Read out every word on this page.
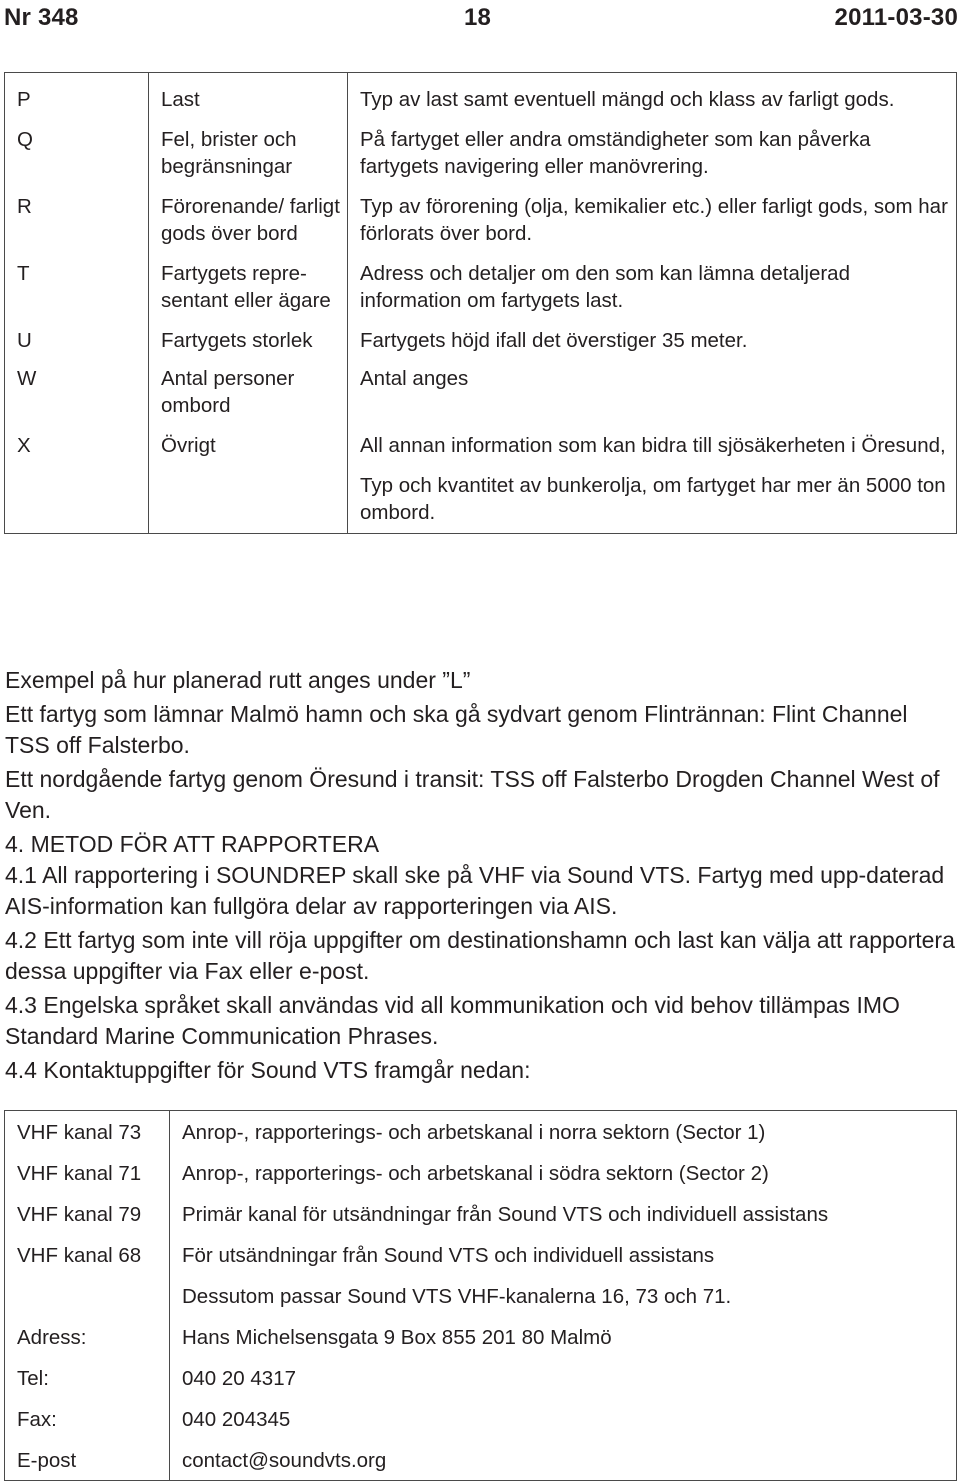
Nr 348	18	2011-03-30
P	Last	Typ av last samt eventuell mängd och klass av farligt gods.
Q	Fel, brister och begränsningar	På fartyget eller andra omständigheter som kan påverka fartygets navigering eller manövrering.
R	Förorenande/ farligt gods över bord	Typ av förorening (olja, kemikalier etc.) eller farligt gods, som har förlorats över bord.
T	Fartygets repre-sentant eller ägare	Adress och detaljer om den som kan lämna detaljerad information om fartygets last.
U	Fartygets storlek	Fartygets höjd ifall det överstiger 35 meter.
W	Antal personer ombord	Antal anges
X	Övrigt	All annan information som kan bidra till sjösäkerheten i Öresund,
		Typ och kvantitet av bunkerolja, om fartyget har mer än 5000 ton ombord.

Exempel på hur planerad rutt anges under ”L”

Ett fartyg som lämnar Malmö hamn och ska gå sydvart genom Flintrännan: Flint Channel TSS off Falsterbo.

Ett nordgående fartyg genom Öresund i transit: TSS off Falsterbo Drogden Channel West of Ven.

4. METOD FÖR ATT RAPPORTERA

4.1 All rapportering i SOUNDREP skall ske på VHF via Sound VTS. Fartyg med upp-daterad AIS-information kan fullgöra delar av rapporteringen via AIS.

4.2 Ett fartyg som inte vill röja uppgifter om destinationshamn och last kan välja att rapportera dessa uppgifter via Fax eller e-post.

4.3 Engelska språket skall användas vid all kommunikation och vid behov tillämpas IMO Standard Marine Communication Phrases.

4.4 Kontaktuppgifter för Sound VTS framgår nedan:

VHF kanal 73	Anrop-, rapporterings- och arbetskanal i norra sektorn (Sector 1)
VHF kanal 71	Anrop-, rapporterings- och arbetskanal i södra sektorn (Sector 2)
VHF kanal 79	Primär kanal för utsändningar från Sound VTS och individuell assistans
VHF kanal 68	För utsändningar från Sound VTS och individuell assistans
	Dessutom passar Sound VTS VHF-kanalerna 16, 73 och 71.
Adress:	Hans Michelsensgata 9 Box 855 201 80 Malmö
Tel:	040 20 4317
Fax:	040 204345
E-post	contact@soundvts.org
